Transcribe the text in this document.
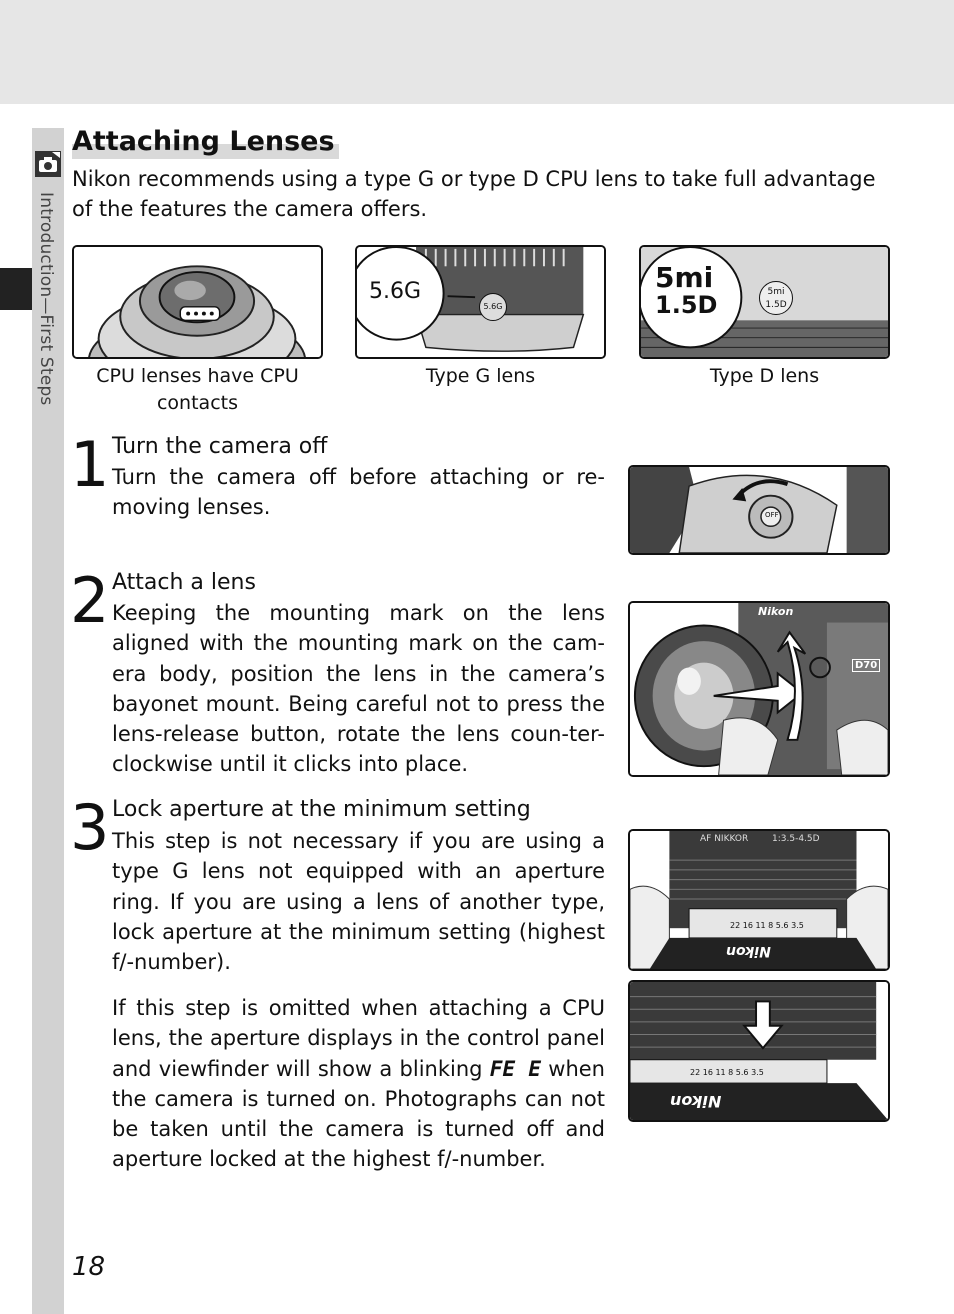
Introduction—First Steps
Attaching Lenses

Nikon recommends using a type G or type D CPU lens to take full advantage of the features the camera offers.

CPU lenses have CPU
contacts

5.6G
5.6G

Type G lens

5mi
1.5D	5mi
1.5D

Type D lens

1 Turn the camera off

Turn the camera off before attaching or re-moving lenses.	OFF
2 Attach a lens

Keeping the mounting mark on the lens aligned with the mounting mark on the cam-era body, position the lens in the camera’s bayonet mount. Being careful not to press the lens-release button, rotate the lens coun-ter-clockwise until it clicks into place.

Nikon
D70
3 Lock aperture at the minimum setting

This step is not necessary if you are using a type G lens not equipped with an aperture ring. If you are using a lens of another type, lock aperture at the minimum setting (highest f/-number).

If this step is omitted when attaching a CPU lens, the aperture displays in the control panel and viewfinder will show a blinking FE E when the camera is turned on. Photographs can not be taken until the camera is turned off and aperture locked at the highest f/-number.

AF NIKKOR	1:3.5-4.5D
22 16 11 8 5.6 3.5
Nikon
22 16 11 8 5.6 3.5
Nikon
18
